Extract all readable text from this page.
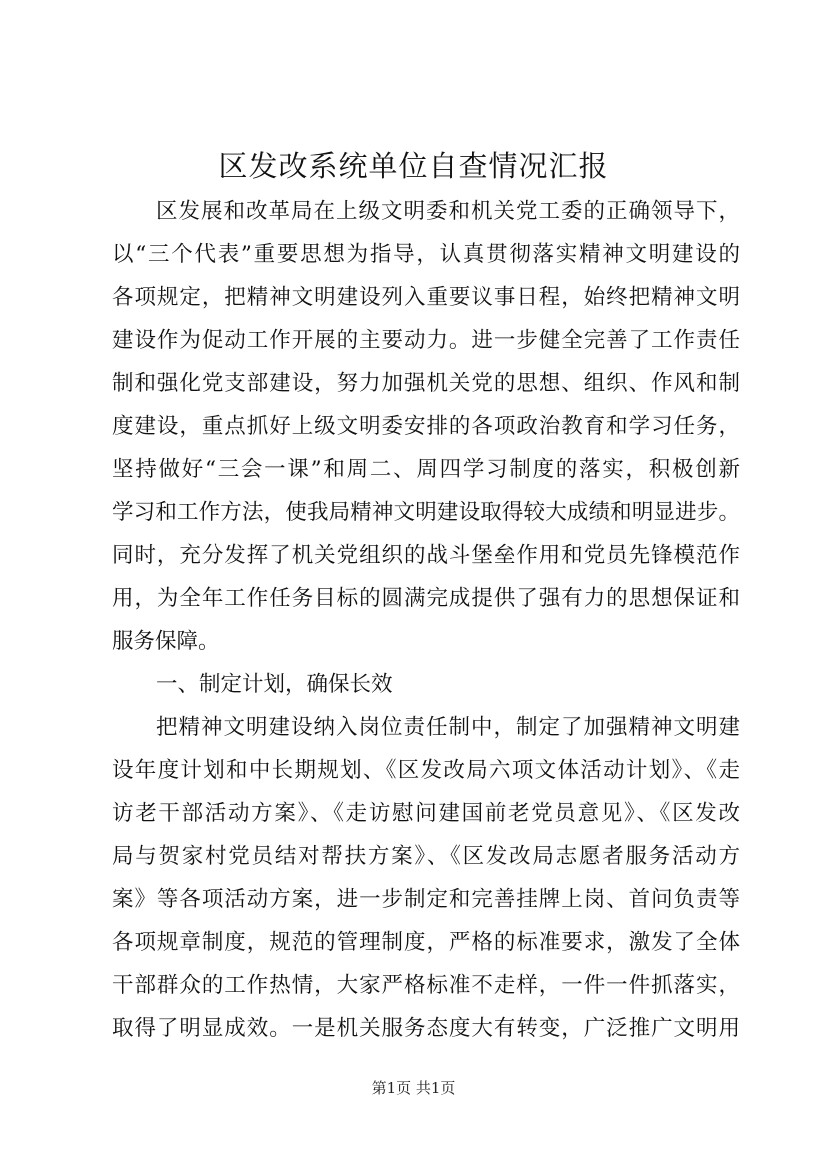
区发改系统单位自查情况汇报
区发展和改革局在上级文明委和机关党工委的正确领导下，
以“三个代表”重要思想为指导，认真贯彻落实精神文明建设的
各项规定，把精神文明建设列入重要议事日程，始终把精神文明
建设作为促动工作开展的主要动力。进一步健全完善了工作责任
制和强化党支部建设，努力加强机关党的思想、组织、作风和制
度建设，重点抓好上级文明委安排的各项政治教育和学习任务，
坚持做好“三会一课”和周二、周四学习制度的落实，积极创新
学习和工作方法，使我局精神文明建设取得较大成绩和明显进步。
同时，充分发挥了机关党组织的战斗堡垒作用和党员先锋模范作
用，为全年工作任务目标的圆满完成提供了强有力的思想保证和
服务保障。
一、制定计划，确保长效
把精神文明建设纳入岗位责任制中，制定了加强精神文明建
设年度计划和中长期规划、《区发改局六项文体活动计划》、《走
访老干部活动方案》、《走访慰问建国前老党员意见》、《区发改
局与贺家村党员结对帮扶方案》、《区发改局志愿者服务活动方
案》等各项活动方案，进一步制定和完善挂牌上岗、首问负责等
各项规章制度，规范的管理制度，严格的标准要求，激发了全体
干部群众的工作热情，大家严格标准不走样，一件一件抓落实，
取得了明显成效。一是机关服务态度大有转变，广泛推广文明用
第1页 共1页
